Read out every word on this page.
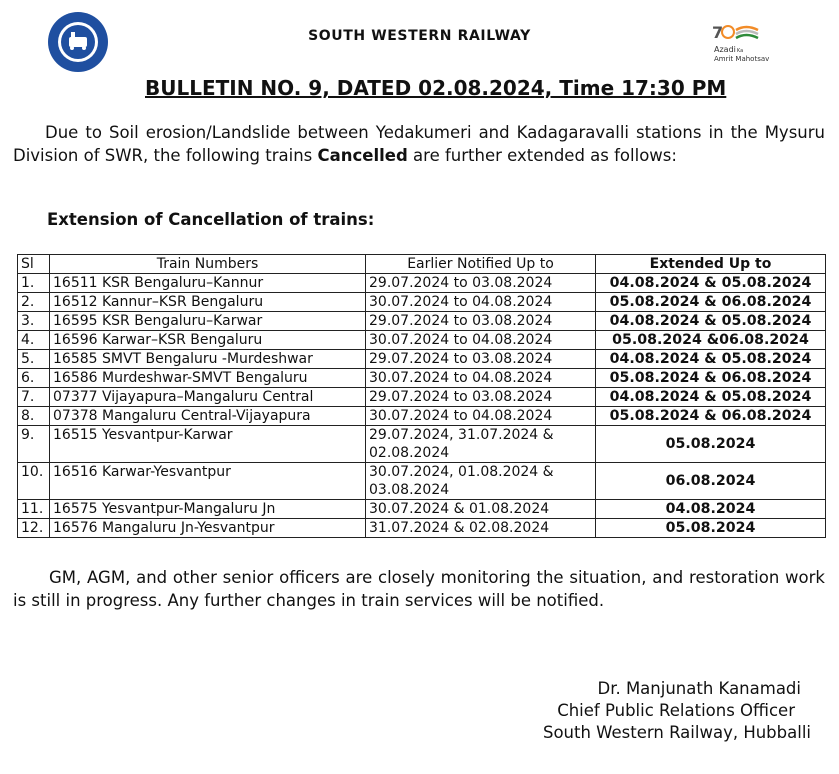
SOUTH WESTERN RAILWAY	7
AzadiKa
Amrit Mahotsav
BULLETIN NO. 9, DATED 02.08.2024, Time 17:30 PM

Due to Soil erosion/Landslide between Yedakumeri and Kadagaravalli stations in the Mysuru Division of SWR, the following trains Cancelled are further extended as follows:

Extension of Cancellation of trains:
Sl	Train Numbers	Earlier Notified Up to	Extended Up to
1.	16511 KSR Bengaluru–Kannur	29.07.2024 to 03.08.2024	04.08.2024 & 05.08.2024
2.	16512 Kannur–KSR Bengaluru	30.07.2024 to 04.08.2024	05.08.2024 & 06.08.2024
3.	16595 KSR Bengaluru–Karwar	29.07.2024 to 03.08.2024	04.08.2024 & 05.08.2024
4.	16596 Karwar–KSR Bengaluru	30.07.2024 to 04.08.2024	05.08.2024 &06.08.2024
5.	16585 SMVT Bengaluru -Murdeshwar	29.07.2024 to 03.08.2024	04.08.2024 & 05.08.2024
6.	16586 Murdeshwar-SMVT Bengaluru	30.07.2024 to 04.08.2024	05.08.2024 & 06.08.2024
7.	07377 Vijayapura–Mangaluru Central	29.07.2024 to 03.08.2024	04.08.2024 & 05.08.2024
8.	07378 Mangaluru Central-Vijayapura	30.07.2024 to 04.08.2024	05.08.2024 & 06.08.2024
9.	16515 Yesvantpur-Karwar	29.07.2024, 31.07.2024 & 02.08.2024	05.08.2024
10.	16516 Karwar-Yesvantpur	30.07.2024, 01.08.2024 & 03.08.2024	06.08.2024
11.	16575 Yesvantpur-Mangaluru Jn	30.07.2024 & 01.08.2024	04.08.2024
12.	16576 Mangaluru Jn-Yesvantpur	31.07.2024 & 02.08.2024	05.08.2024

GM, AGM, and other senior officers are closely monitoring the situation, and restoration work is still in progress. Any further changes in train services will be notified.

Dr. Manjunath Kanamadi
Chief Public Relations Officer
South Western Railway, Hubballi
